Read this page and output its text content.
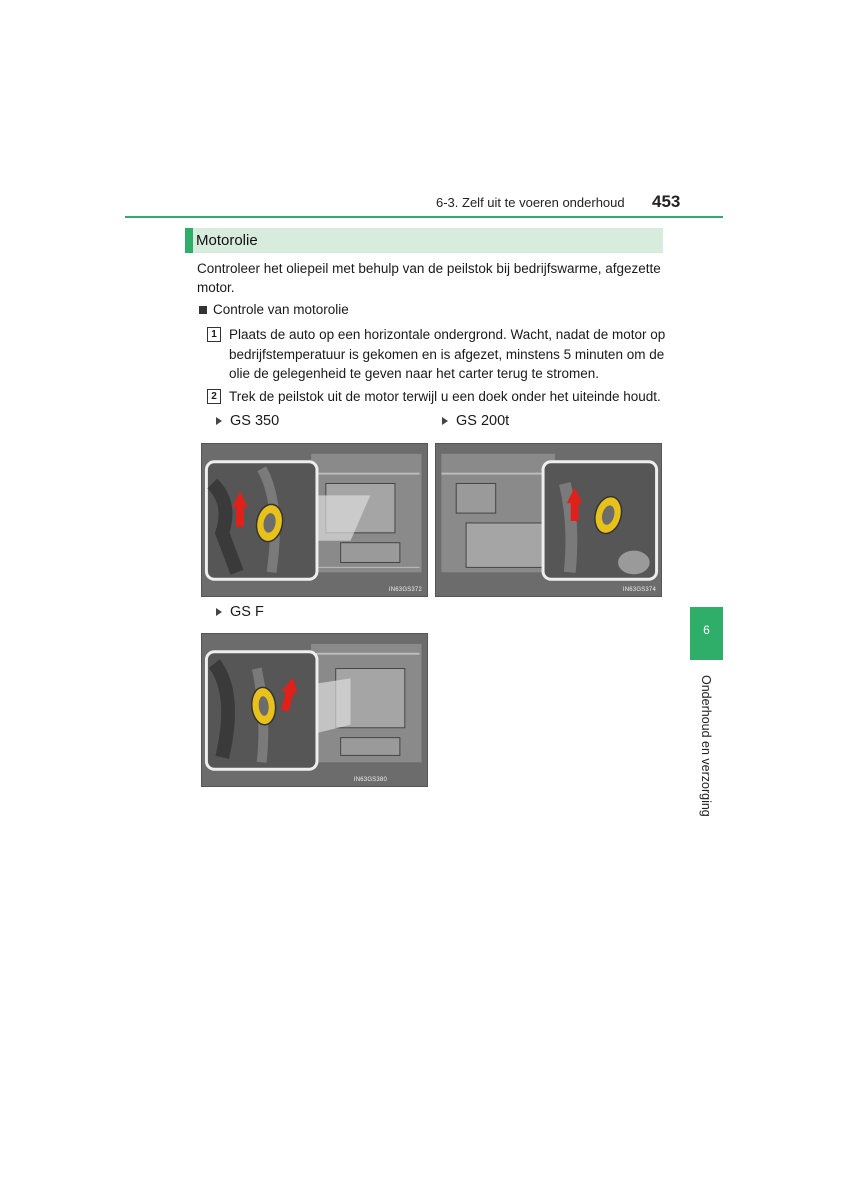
6-3. Zelf uit te voeren onderhoud 453
Motorolie

Controleer het oliepeil met behulp van de peilstok bij bedrijfswarme, afgezette motor.

Controle van motorolie
1 Plaats de auto op een horizontale ondergrond. Wacht, nadat de motor op bedrijfstemperatuur is gekomen en is afgezet, minstens 5 minuten om de olie de gelegenheid te geven naar het carter terug te stromen.
2 Trek de peilstok uit de motor terwijl u een doek onder het uiteinde houdt.
GS 350	GS 200t
GS F
IN63GS372	IN63GS374
IN63GS380
6
Onderhoud en verzorging
